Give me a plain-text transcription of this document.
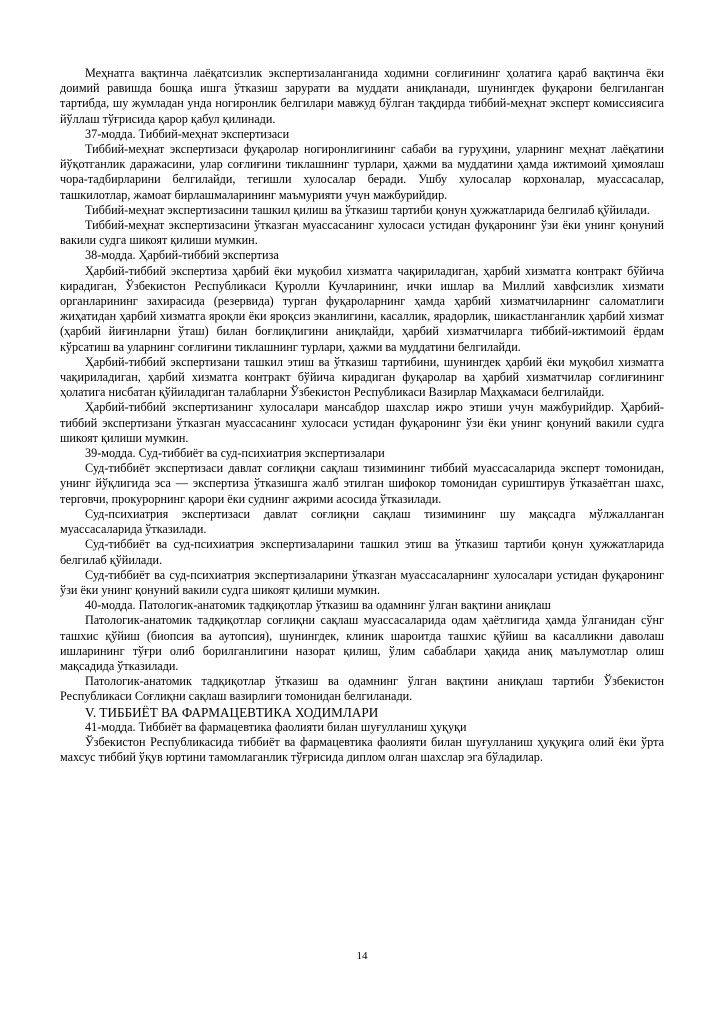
Меҳнатга вақтинча лаёқатсизлик экспертизаланганида ходимни соғлиғининг ҳолатига қараб вақтинча ёки доимий равишда бошқа ишга ўтказиш зарурати ва муддати аниқланади, шунингдек фуқарони белгиланган тартибда, шу жумладан унда ногиронлик белгилари мавжуд бўлган тақдирда тиббий-меҳнат эксперт комиссиясига йўллаш тўғрисида қарор қабул қилинади.

37-модда. Тиббий-меҳнат экспертизаси

Тиббий-меҳнат экспертизаси фуқаролар ногиронлигининг сабаби ва гуруҳини, уларнинг меҳнат лаёқатини йўқотганлик даражасини, улар соғлиғини тиклашнинг турлари, ҳажми ва муддатини ҳамда ижтимоий ҳимоялаш чора-тадбирларини белгилайди, тегишли хулосалар беради. Ушбу хулосалар корхоналар, муассасалар, ташкилотлар, жамоат бирлашмаларининг маъмурияти учун мажбурийдир.

Тиббий-меҳнат экспертизасини ташкил қилиш ва ўтказиш тартиби қонун ҳужжатларида белгилаб қўйилади.

Тиббий-меҳнат экспертизасини ўтказган муассасанинг хулосаси устидан фуқаронинг ўзи ёки унинг қонуний вакили судга шикоят қилиши мумкин.

38-модда. Ҳарбий-тиббий экспертиза

Ҳарбий-тиббий экспертиза ҳарбий ёки муқобил хизматга чақириладиган, ҳарбий хизматга контракт бўйича кирадиган, Ўзбекистон Республикаси Қуролли Кучларининг, ички ишлар ва Миллий хавфсизлик хизмати органларининг захирасида (резервида) турган фуқароларнинг ҳамда ҳарбий хизматчиларнинг саломатлиги жиҳатидан ҳарбий хизматга яроқли ёки яроқсиз эканлигини, касаллик, ярадорлик, шикастланганлик ҳарбий хизмат (ҳарбий йиғинларни ўташ) билан боғлиқлигини аниқлайди, ҳарбий хизматчиларга тиббий-ижтимоий ёрдам кўрсатиш ва уларнинг соғлиғини тиклашнинг турлари, ҳажми ва муддатини белгилайди.

Ҳарбий-тиббий экспертизани ташкил этиш ва ўтказиш тартибини, шунингдек ҳарбий ёки муқобил хизматга чақириладиган, ҳарбий хизматга контракт бўйича кирадиган фуқаролар ва ҳарбий хизматчилар соғлиғининг ҳолатига нисбатан қўйиладиган талабларни Ўзбекистон Республикаси Вазирлар Маҳкамаси белгилайди.

Ҳарбий-тиббий экспертизанинг хулосалари мансабдор шахслар ижро этиши учун мажбурийдир. Ҳарбий-тиббий экспертизани ўтказган муассасанинг хулосаси устидан фуқаронинг ўзи ёки унинг қонуний вакили судга шикоят қилиши мумкин.

39-модда. Суд-тиббиёт ва суд-психиатрия экспертизалари

Суд-тиббиёт экспертизаси давлат соғлиқни сақлаш тизимининг тиббий муассасаларида эксперт томонидан, унинг йўқлигида эса — экспертиза ўтказишга жалб этилган шифокор томонидан суриштирув ўтказаётган шахс, терговчи, прокурорнинг қарори ёки суднинг ажрими асосида ўтказилади.

Суд-психиатрия экспертизаси давлат соғлиқни сақлаш тизимининг шу мақсадга мўлжалланган муассасаларида ўтказилади.

Суд-тиббиёт ва суд-психиатрия экспертизаларини ташкил этиш ва ўтказиш тартиби қонун ҳужжатларида белгилаб қўйилади.

Суд-тиббиёт ва суд-психиатрия экспертизаларини ўтказган муассасаларнинг хулосалари устидан фуқаронинг ўзи ёки унинг қонуний вакили судга шикоят қилиши мумкин.

40-модда. Патологик-анатомик тадқиқотлар ўтказиш ва одамнинг ўлган вақтини аниқлаш

Патологик-анатомик тадқиқотлар соғлиқни сақлаш муассасаларида одам ҳаётлигида ҳамда ўлганидан сўнг ташхис қўйиш (биопсия ва аутопсия), шунингдек, клиник шароитда ташхис қўйиш ва касалликни даволаш ишларининг тўғри олиб борилганлигини назорат қилиш, ўлим сабаблари ҳақида аниқ маълумотлар олиш мақсадида ўтказилади.

Патологик-анатомик тадқиқотлар ўтказиш ва одамнинг ўлган вақтини аниқлаш тартиби Ўзбекистон Республикаси Соғлиқни сақлаш вазирлиги томонидан белгиланади.

V. ТИББИЁТ ВА ФАРМАЦЕВТИКА ХОДИМЛАРИ

41-модда. Тиббиёт ва фармацевтика фаолияти билан шуғулланиш ҳуқуқи

Ўзбекистон Республикасида тиббиёт ва фармацевтика фаолияти билан шуғулланиш ҳуқуқига олий ёки ўрта махсус тиббий ўқув юртини тамомлаганлик тўғрисида диплом олган шахслар эга бўладилар.

14
